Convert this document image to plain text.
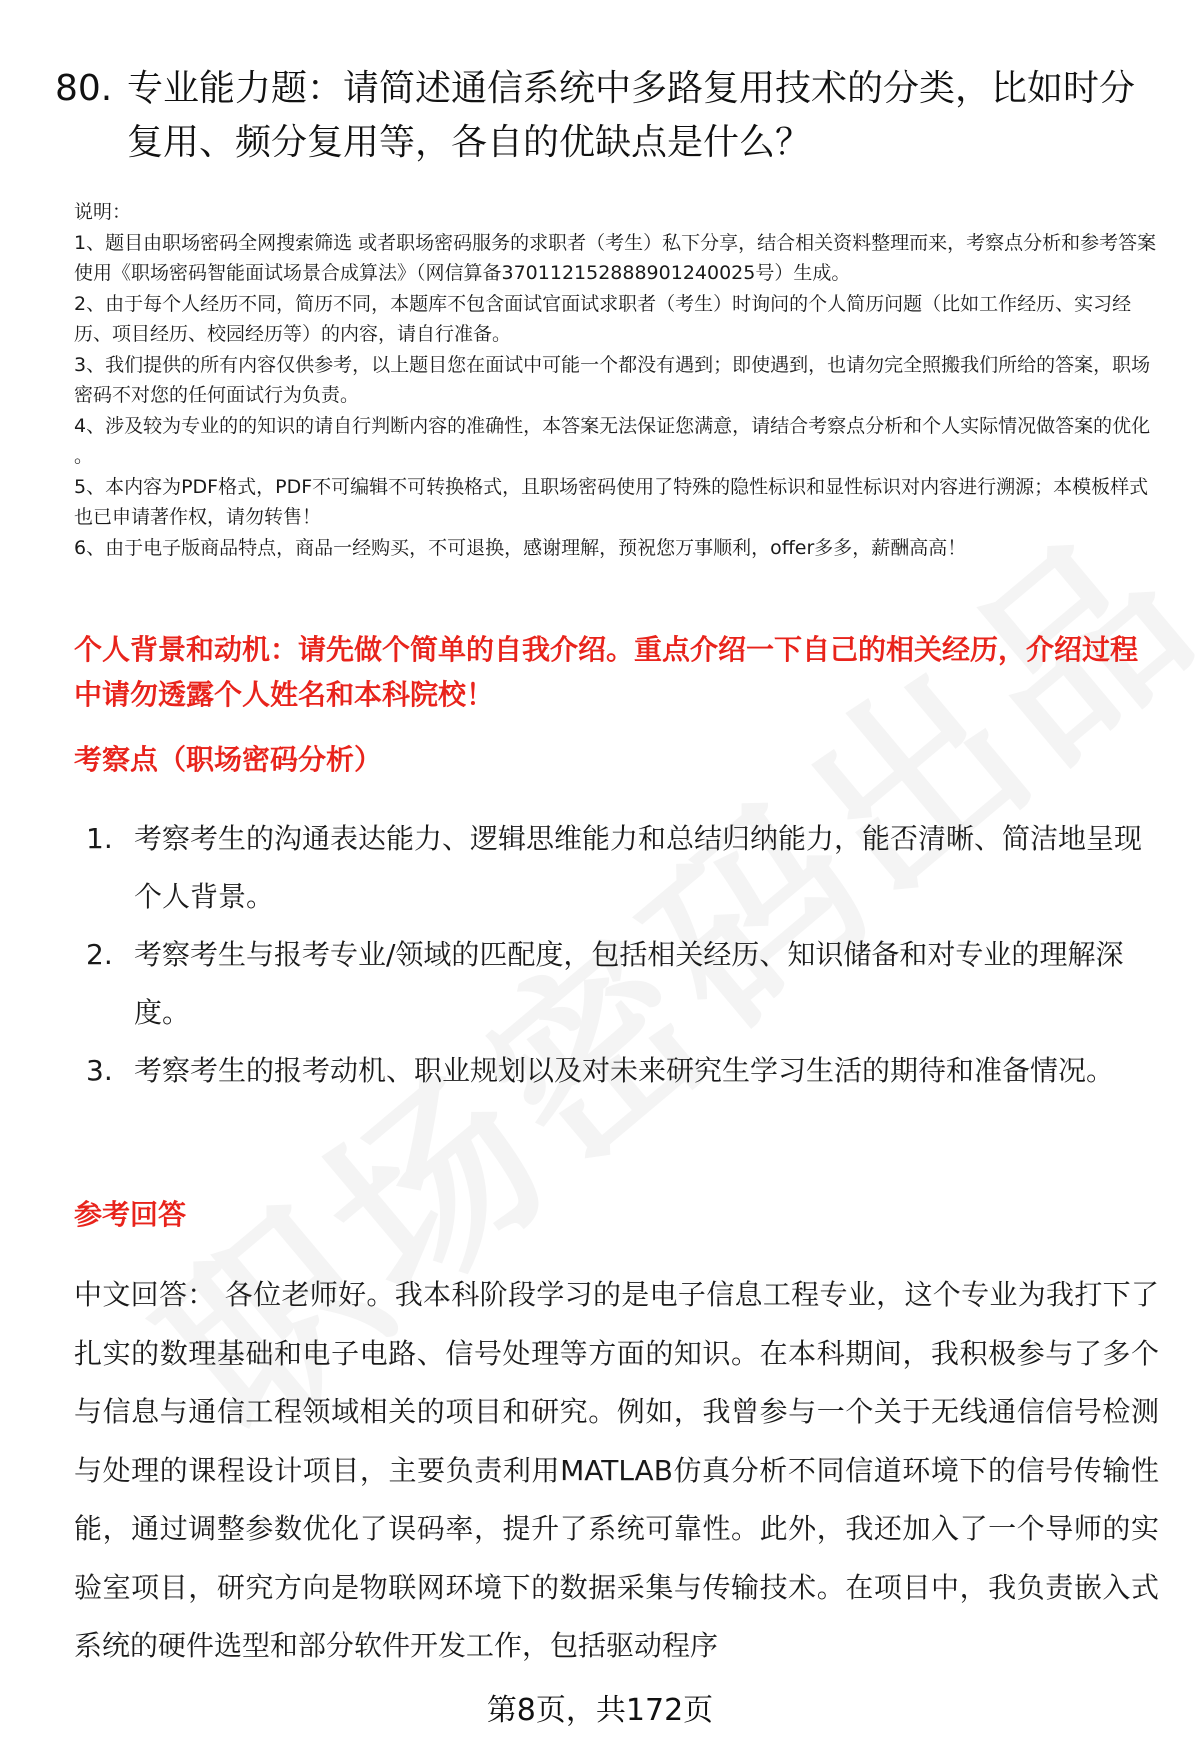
80. 专业能力题：请简述通信系统中多路复用技术的分类，比如时分复用、频分复用等，各自的优缺点是什么？

说明：

1、题目由职场密码全网搜索筛选 或者职场密码服务的求职者（考生）私下分享，结合相关资料整理而来，考察点分析和参考答案使用《职场密码智能面试场景合成算法》（网信算备370112152888901240025号）生成。

2、由于每个人经历不同，简历不同，本题库不包含面试官面试求职者（考生）时询问的个人简历问题（比如工作经历、实习经历、项目经历、校园经历等）的内容，请自行准备。

3、我们提供的所有内容仅供参考，以上题目您在面试中可能一个都没有遇到；即使遇到，也请勿完全照搬我们所给的答案，职场密码不对您的任何面试行为负责。

4、涉及较为专业的的知识的请自行判断内容的准确性，本答案无法保证您满意，请结合考察点分析和个人实际情况做答案的优化 。

5、本内容为PDF格式，PDF不可编辑不可转换格式，且职场密码使用了特殊的隐性标识和显性标识对内容进行溯源；本模板样式也已申请著作权，请勿转售！

6、由于电子版商品特点，商品一经购买，不可退换，感谢理解，预祝您万事顺利，offer多多，薪酬高高！

个人背景和动机：请先做个简单的自我介绍。重点介绍一下自己的相关经历，介绍过程中请勿透露个人姓名和本科院校！
考察点（职场密码分析）
1. 考察考生的沟通表达能力、逻辑思维能力和总结归纳能力，能否清晰、简洁地呈现个人背景。
2. 考察考生与报考专业/领域的匹配度，包括相关经历、知识储备和对专业的理解深度。
3. 考察考生的报考动机、职业规划以及对未来研究生学习生活的期待和准备情况。
参考回答
中文回答： 各位老师好。我本科阶段学习的是电子信息工程专业，这个专业为我打下了扎实的数理基础和电子电路、信号处理等方面的知识。在本科期间，我积极参与了多个与信息与通信工程领域相关的项目和研究。例如，我曾参与一个关于无线通信信号检测与处理的课程设计项目，主要负责利用MATLAB仿真分析不同信道环境下的信号传输性能，通过调整参数优化了误码率，提升了系统可靠性。此外，我还加入了一个导师的实验室项目，研究方向是物联网环境下的数据采集与传输技术。在项目中，我负责嵌入式系统的硬件选型和部分软件开发工作，包括驱动程序
第8页，共172页
